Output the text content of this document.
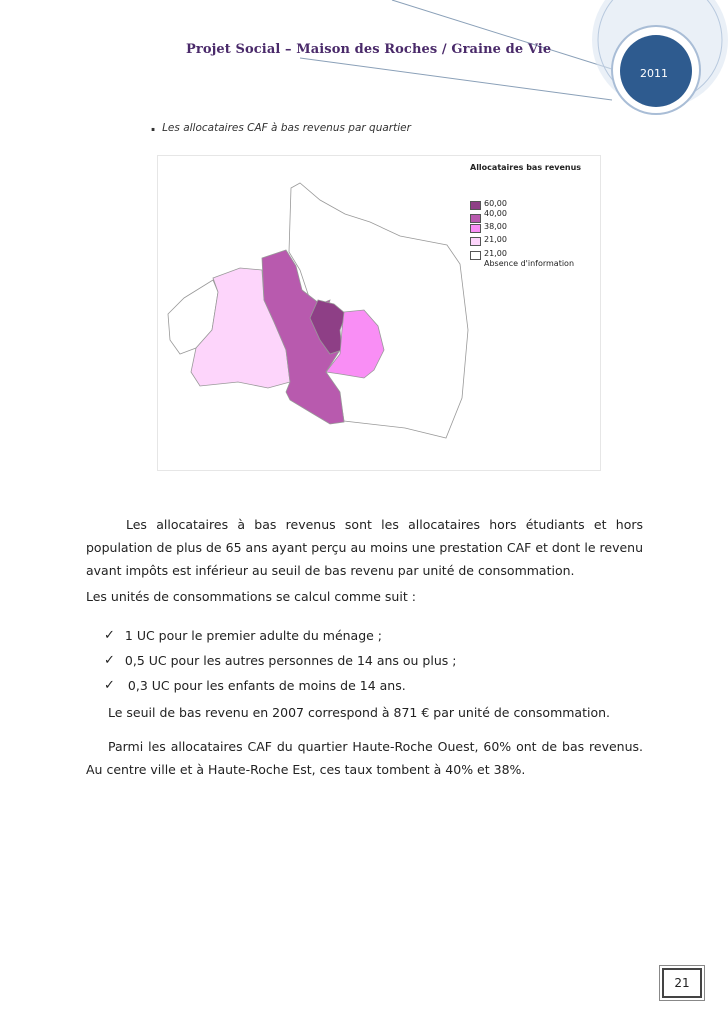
Projet Social – Maison des Roches / Graine de Vie
2011
. Les allocataires CAF à bas revenus par quartier
Allocataires bas revenus
60,00
40,00
38,00
21,00
21,00
Absence d'information
Les allocataires à bas revenus sont les allocataires hors étudiants et hors population de plus de 65 ans ayant perçu au moins une prestation CAF et dont le revenu avant impôts est inférieur au seuil de bas revenu par unité de consommation.
Les unités de consommations se calcul comme suit :
✓ 1 UC pour le premier adulte du ménage ;
✓ 0,5 UC pour les autres personnes de 14 ans ou plus ;
✓ 0,3 UC pour les enfants de moins de 14 ans.
Le seuil de bas revenu en 2007 correspond à 871 € par unité de consommation.
Parmi les allocataires CAF du quartier Haute-Roche Ouest, 60% ont de bas revenus. Au centre ville et à Haute-Roche Est, ces taux tombent à 40% et 38%.
21
